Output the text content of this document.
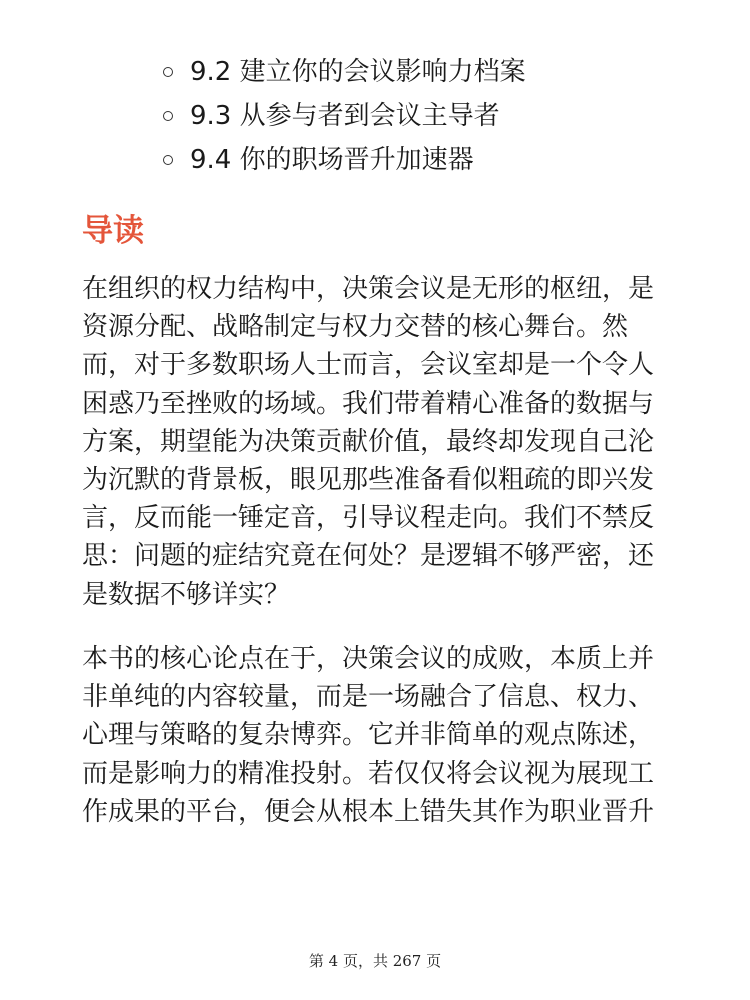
9.2 建立你的会议影响力档案
9.3 从参与者到会议主导者
9.4 你的职场晋升加速器
导读

在组织的权力结构中，决策会议是无形的枢纽，是
资源分配、战略制定与权力交替的核心舞台。然
而，对于多数职场人士而言，会议室却是一个令人
困惑乃至挫败的场域。我们带着精心准备的数据与
方案，期望能为决策贡献价值，最终却发现自己沦
为沉默的背景板，眼见那些准备看似粗疏的即兴发
言，反而能一锤定音，引导议程走向。我们不禁反
思：问题的症结究竟在何处？是逻辑不够严密，还
是数据不够详实？

本书的核心论点在于，决策会议的成败，本质上并
非单纯的内容较量，而是一场融合了信息、权力、
心理与策略的复杂博弈。它并非简单的观点陈述，
而是影响力的精准投射。若仅仅将会议视为展现工
作成果的平台，便会从根本上错失其作为职业晋升

第 4 页，共 267 页
